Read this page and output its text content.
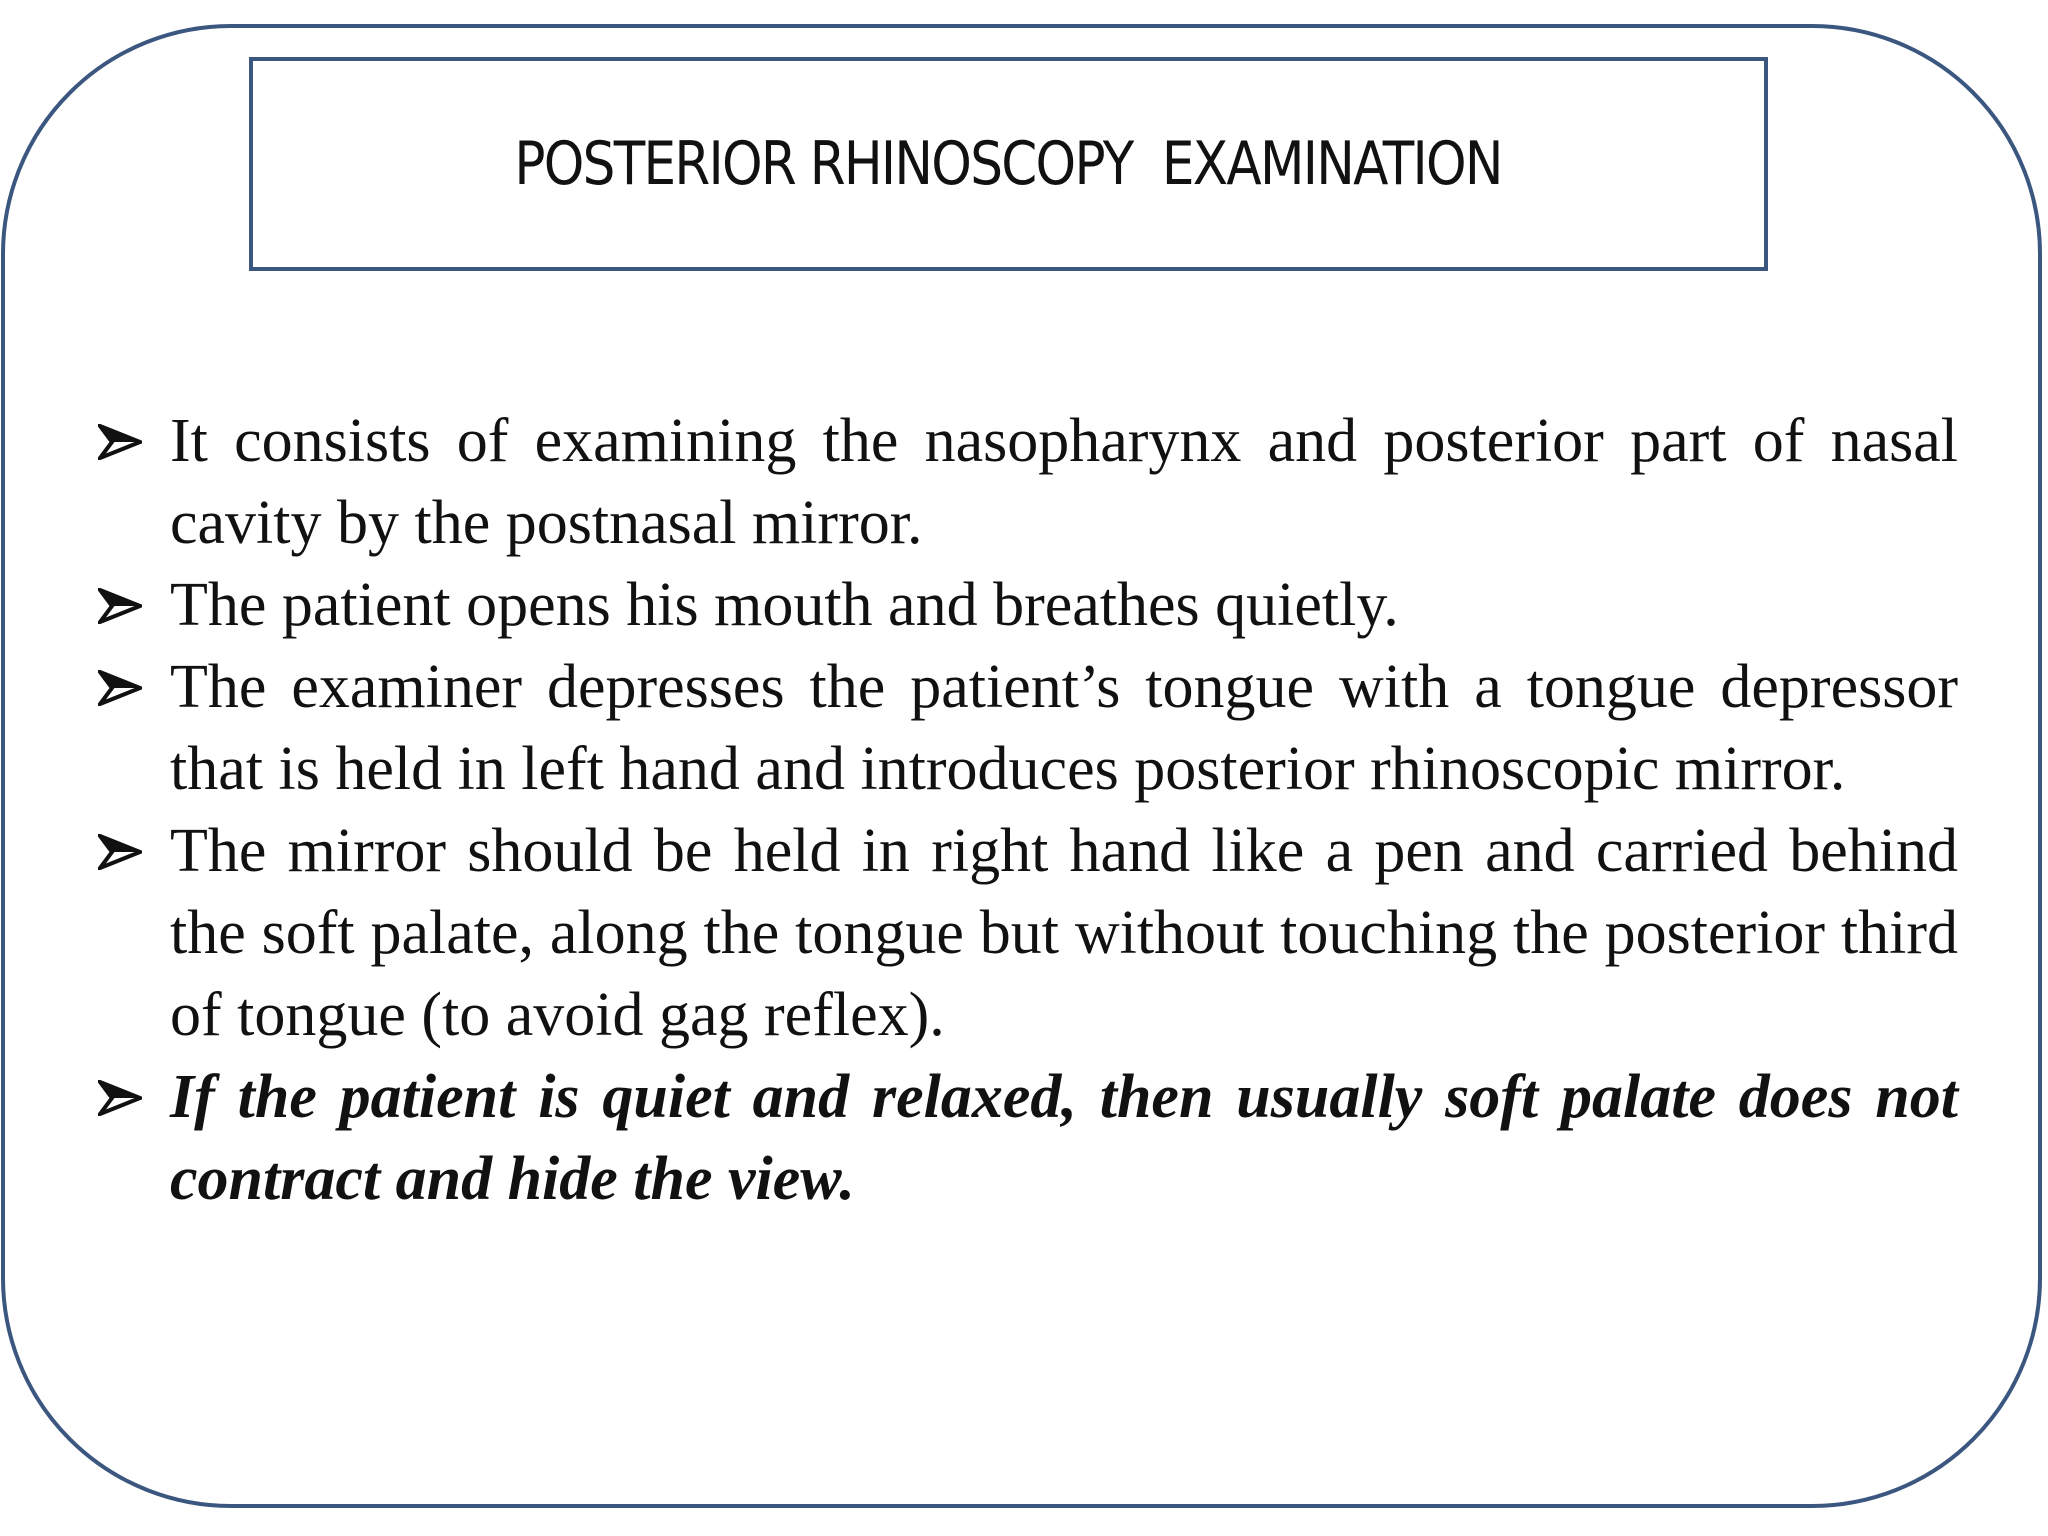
POSTERIOR RHINOSCOPY  EXAMINATION
It consists of examining the nasopharynx and posterior part of nasal cavity by the postnasal mirror.
The patient opens his mouth and breathes quietly.
The examiner depresses the patient’s tongue with a tongue depressor that is held in left hand and introduces posterior rhinoscopic mirror.
The mirror should be held in right hand like a pen and carried behind the soft palate, along the tongue but without touching the posterior third of tongue (to avoid gag reflex).
If the patient is quiet and relaxed, then usually soft palate does not contract and hide the view.
